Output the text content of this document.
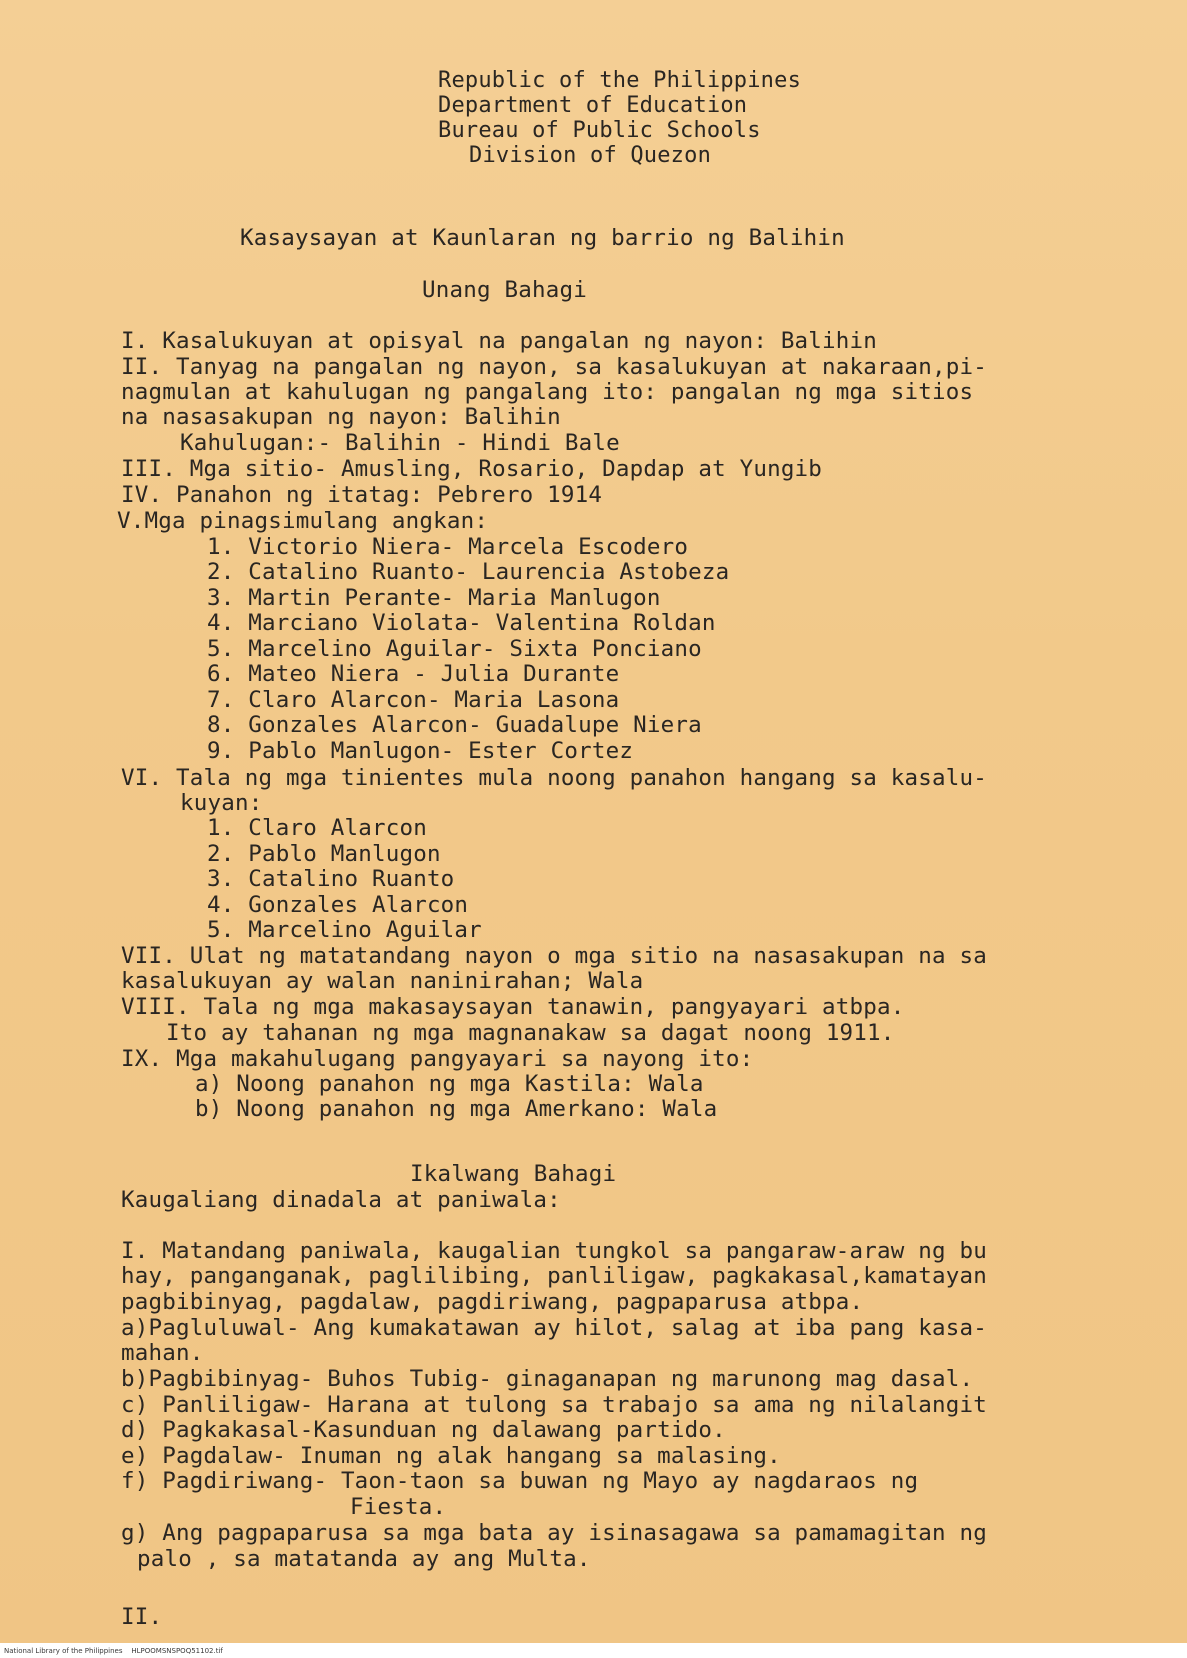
Republic of the Philippines
Department of Education
Bureau of Public Schools
Division of Quezon
Kasaysayan at Kaunlaran ng barrio ng Balihin
Unang Bahagi
I. Kasalukuyan at opisyal na pangalan ng nayon: Balihin
II. Tanyag na pangalan ng nayon, sa kasalukuyan at nakaraan,pi-
nagmulan at kahulugan ng pangalang ito: pangalan ng mga sitios
na nasasakupan ng nayon: Balihin
Kahulugan:- Balihin - Hindi Bale
III. Mga sitio- Amusling, Rosario, Dapdap at Yungib
IV. Panahon ng itatag: Pebrero 1914
V.Mga pinagsimulang angkan:
1. Victorio Niera- Marcela Escodero
2. Catalino Ruanto- Laurencia Astobeza
3. Martin Perante- Maria Manlugon
4. Marciano Violata- Valentina Roldan
5. Marcelino Aguilar- Sixta Ponciano
6. Mateo Niera - Julia Durante
7. Claro Alarcon- Maria Lasona
8. Gonzales Alarcon- Guadalupe Niera
9. Pablo Manlugon- Ester Cortez
VI. Tala ng mga tinientes mula noong panahon hangang sa kasalu-
kuyan:
1. Claro Alarcon
2. Pablo Manlugon
3. Catalino Ruanto
4. Gonzales Alarcon
5. Marcelino Aguilar
VII. Ulat ng matatandang nayon o mga sitio na nasasakupan na sa
kasalukuyan ay walan naninirahan; Wala
VIII. Tala ng mga makasaysayan tanawin, pangyayari atbpa.
Ito ay tahanan ng mga magnanakaw sa dagat noong 1911.
IX. Mga makahulugang pangyayari sa nayong ito:
a) Noong panahon ng mga Kastila: Wala
b) Noong panahon ng mga Amerkano: Wala
Ikalwang Bahagi
Kaugaliang dinadala at paniwala:
I. Matandang paniwala, kaugalian tungkol sa pangaraw-araw ng bu
hay, panganganak, paglilibing, panliligaw, pagkakasal,kamatayan
pagbibinyag, pagdalaw, pagdiriwang, pagpaparusa atbpa.
a)Pagluluwal- Ang kumakatawan ay hilot, salag at iba pang kasa-
mahan.
b)Pagbibinyag- Buhos Tubig- ginaganapan ng marunong mag dasal.
c) Panliligaw- Harana at tulong sa trabajo sa ama ng nilalangit
d) Pagkakasal-Kasunduan ng dalawang partido.
e) Pagdalaw- Inuman ng alak hangang sa malasing.
f) Pagdiriwang- Taon-taon sa buwan ng Mayo ay nagdaraos ng
Fiesta.
g) Ang pagpaparusa sa mga bata ay isinasagawa sa pamamagitan ng
palo , sa matatanda ay ang Multa.
II.
National Library of the Philippines    HLPOOMSNSPOQ51102.tif
